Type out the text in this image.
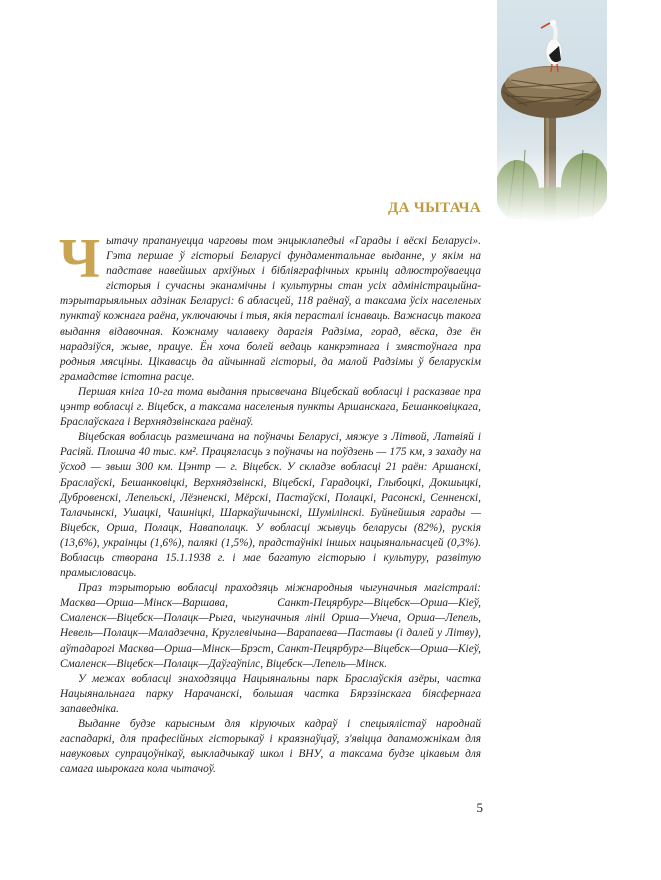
ДА ЧЫТАЧА

Чытачу прапануецца чарговы том энцыклапедыі «Гарады і вёскі Беларусі». Гэта першае ў гісторыі Беларусі фундаментальнае выданне, у якім на падставе навейшых архіўных і бібліяграфічных крыніц адлюстроўваецца гісторыя і сучасны эканамічны і культурны стан усіх адміністрацыйна-тэрытарыяльных адзінак Беларусі: 6 абласцей, 118 раёнаў, а таксама ўсіх населеных пунктаў кожнага раёна, уключаючы і тыя, якія перасталі існаваць. Важнасць такога выдання відавочная. Кожнаму чалавеку дарагія Радзіма, горад, вёска, дзе ён нарадзіўся, жыве, працуе. Ён хоча болей ведаць канкрэтнага і змястоўнага пра родныя мясціны. Цікавасць да айчыннай гісторыі, да малой Радзімы ў беларускім грамадстве істотна расце.

Першая кніга 10-га тома выдання прысвечана Віцебскай вобласці і расказвае пра цэнтр вобласці г. Віцебск, а таксама населеныя пункты Аршанскага, Бешанковіцкага, Браслаўскага і Верхнядзвінскага раёнаў.

Віцебская вобласць размешчана на поўначы Беларусі, мяжуе з Літвой, Латвіяй і Расіяй. Плошча 40 тыс. км². Працягласць з поўначы на поўдзень — 175 км, з захаду на ўсход — звыш 300 км. Цэнтр — г. Віцебск. У складзе вобласці 21 раён: Аршанскі, Браслаўскі, Бешанковіцкі, Верхнядзвінскі, Віцебскі, Гарадоцкі, Глыбоцкі, Докшыцкі, Дубровенскі, Лепельскі, Лёзненскі, Мёрскі, Пастаўскі, Полацкі, Расонскі, Сенненскі, Талачынскі, Ушацкі, Чашніцкі, Шаркаўшчынскі, Шумілінскі. Буйнейшыя гарады — Віцебск, Орша, Полацк, Наваполацк. У вобласці жывуць беларусы (82%), рускія (13,6%), украінцы (1,6%), палякі (1,5%), прадстаўнікі іншых нацыянальнасцей (0,3%). Вобласць створана 15.1.1938 г. і мае багатую гісторыю і культуру, развітую прамысловасць.

Праз тэрыторыю вобласці праходзяць міжнародныя чыгуначныя магістралі: Масква—Орша—Мінск—Варшава, Санкт-Пецярбург—Віцебск—Орша—Кіеў, Смаленск—Віцебск—Полацк—Рыга, чыгуначныя лініі Орша—Унеча, Орша—Лепель, Невель—Полацк—Маладзечна, Круглевічына—Варапаева—Паставы (і далей у Літву), аўтадарогі Масква—Орша—Мінск—Брэст, Санкт-Пецярбург—Віцебск—Орша—Кіеў, Смаленск—Віцебск—Полацк—Даўгаўпілс, Віцебск—Лепель—Мінск.

У межах вобласці знаходзяцца Нацыянальны парк Браслаўскія азёры, частка Нацыянальнага парку Нарачанскі, большая частка Бярэзінскага біясфернага запаведніка.

Выданне будзе карысным для кіруючых кадраў і спецыялістаў народнай гаспадаркі, для прафесійных гісторыкаў і краязнаўцаў, з'явіцца дапаможнікам для навуковых супрацоўнікаў, выкладчыкаў школ і ВНУ, а таксама будзе цікавым для самага шырокага кола чытачоў.

5
